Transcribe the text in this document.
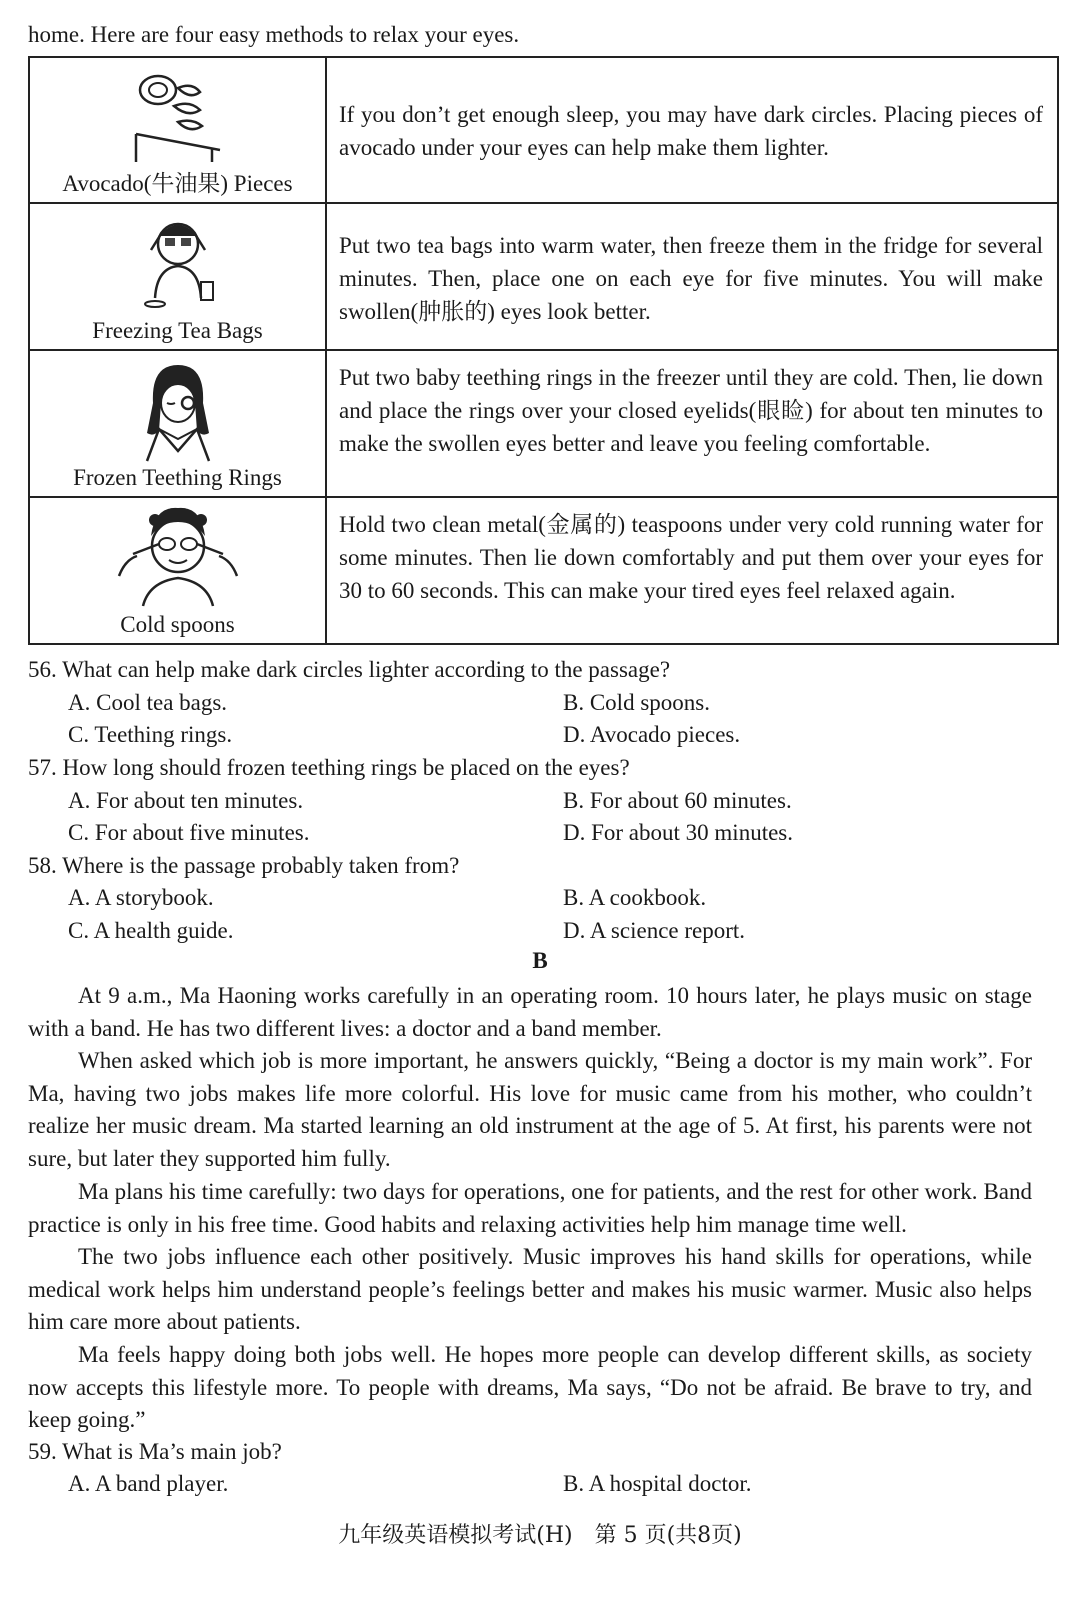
home. Here are four easy methods to relax your eyes.
Avocado(牛油果) Pieces	If you don’t get enough sleep, you may have dark circles. Placing pieces of avocado under your eyes can help make them lighter.

Freezing Tea Bags	Put two tea bags into warm water, then freeze them in the fridge for several minutes. Then, place one on each eye for five minutes. You will make swollen(肿胀的) eyes look better.

Frozen Teething Rings	Put two baby teething rings in the freezer until they are cold. Then, lie down and place the rings over your closed eyelids(眼睑) for about ten minutes to make the swollen eyes better and leave you feeling comfortable.

Cold spoons	Hold two clean metal(金属的) teaspoons under very cold running water for some minutes. Then lie down comfortably and put them over your eyes for 30 to 60 seconds. This can make your tired eyes feel relaxed again.
56. What can help make dark circles lighter according to the passage?
A. Cool tea bags.	B. Cold spoons.
C. Teething rings.	D. Avocado pieces.
57. How long should frozen teething rings be placed on the eyes?
A. For about ten minutes.	B. For about 60 minutes.
C. For about five minutes.	D. For about 30 minutes.
58. Where is the passage probably taken from?
A. A storybook.	B. A cookbook.
C. A health guide.	D. A science report.
B
At 9 a.m., Ma Haoning works carefully in an operating room. 10 hours later, he plays music on stage with a band. He has two different lives: a doctor and a band member.
When asked which job is more important, he answers quickly, “Being a doctor is my main work”. For Ma, having two jobs makes life more colorful. His love for music came from his mother, who couldn’t realize her music dream. Ma started learning an old instrument at the age of 5. At first, his parents were not sure, but later they supported him fully.
Ma plans his time carefully: two days for operations, one for patients, and the rest for other work. Band practice is only in his free time. Good habits and relaxing activities help him manage time well.
The two jobs influence each other positively. Music improves his hand skills for operations, while medical work helps him understand people’s feelings better and makes his music warmer. Music also helps him care more about patients.
Ma feels happy doing both jobs well. He hopes more people can develop different skills, as society now accepts this lifestyle more. To people with dreams, Ma says, “Do not be afraid. Be brave to try, and keep going.”
59. What is Ma’s main job?
A. A band player.	B. A hospital doctor.
九年级英语模拟考试(H)　第 5 页(共8页)
